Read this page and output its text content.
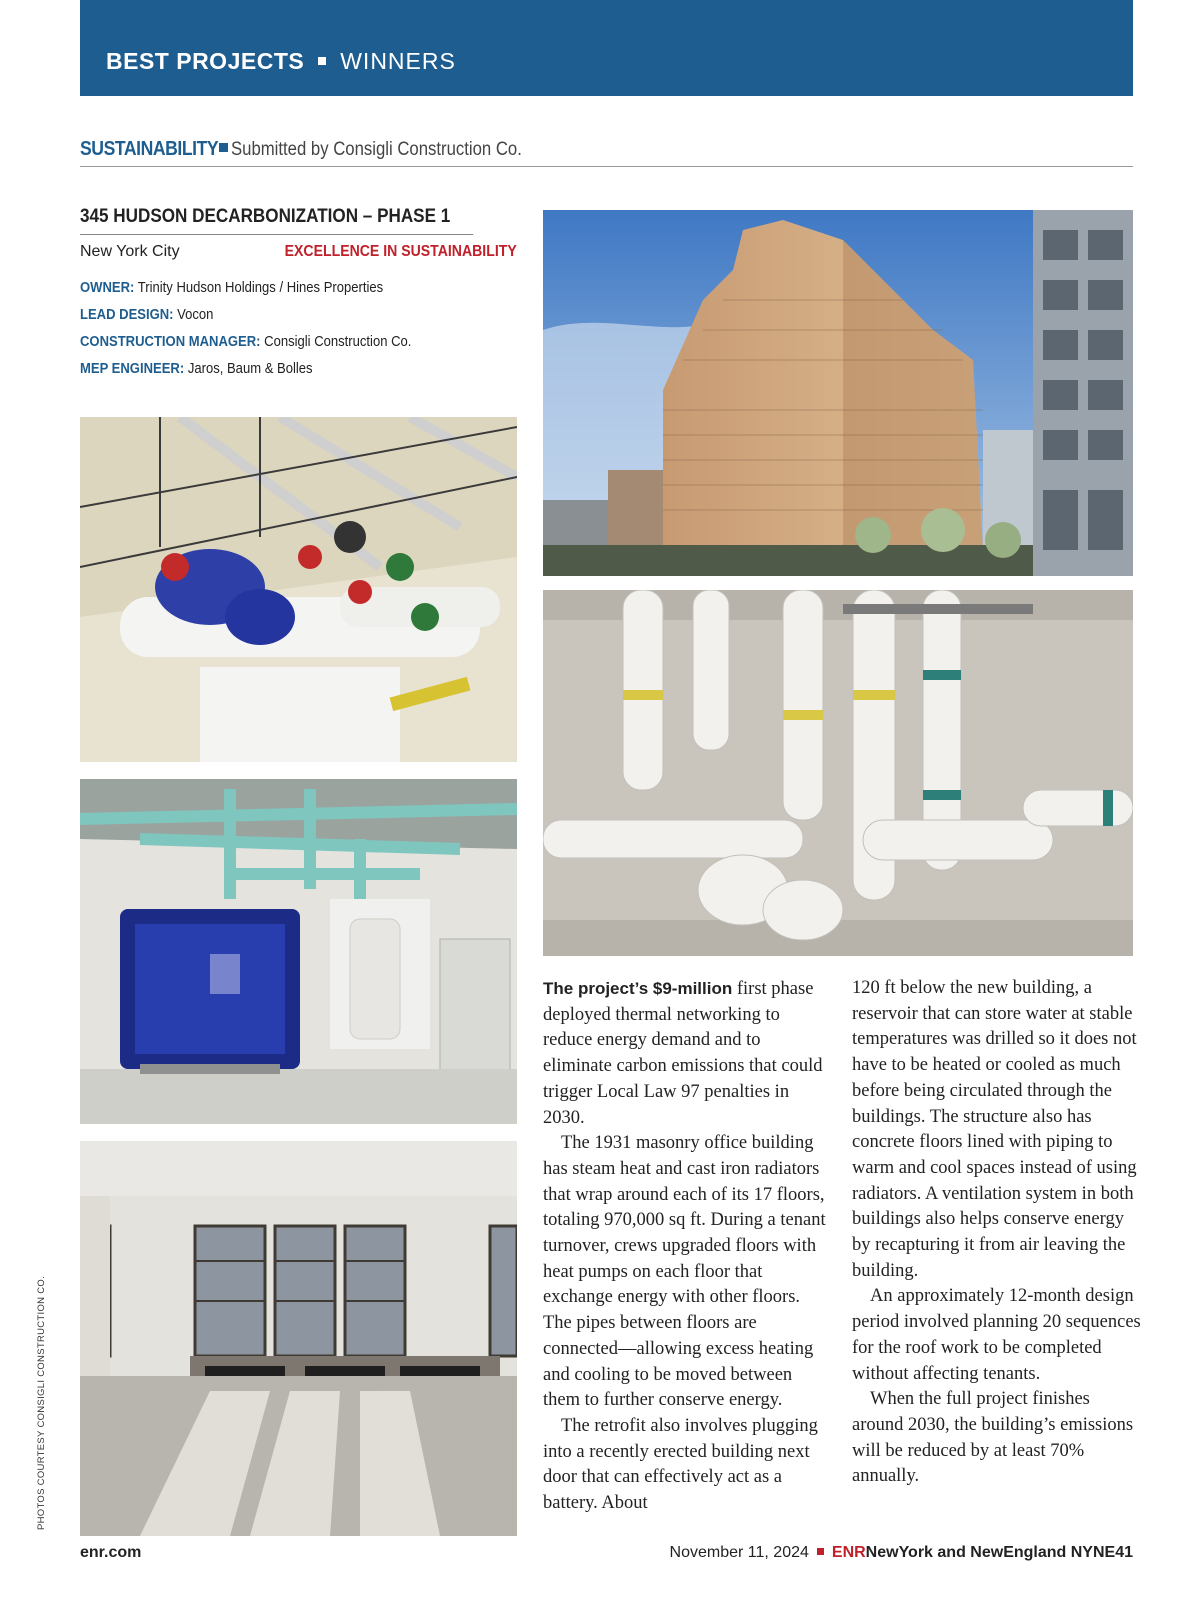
BEST PROJECTS WINNERS
SUSTAINABILITY Submitted by Consigli Construction Co.
345 HUDSON DECARBONIZATION – PHASE 1
New York City	EXCELLENCE IN SUSTAINABILITY
OWNER: Trinity Hudson Holdings / Hines Properties
LEAD DESIGN: Vocon
CONSTRUCTION MANAGER: Consigli Construction Co.
MEP ENGINEER: Jaros, Baum & Bolles

The project’s $9-million first phase deployed thermal networking to reduce energy demand and to eliminate carbon emissions that could trigger Local Law 97 penalties in 2030.

The 1931 masonry office building has steam heat and cast iron radiators that wrap around each of its 17 floors, totaling 970,000 sq ft. During a tenant turnover, crews upgraded floors with heat pumps on each floor that exchange energy with other floors. The pipes between floors are connected—allowing excess heating and cooling to be moved between them to further conserve energy.

The retrofit also involves plugging into a recently erected building next door that can effectively act as a battery. About

120 ft below the new building, a reservoir that can store water at stable temperatures was drilled so it does not have to be heated or cooled as much before being circulated through the buildings. The structure also has concrete floors lined with piping to warm and cool spaces instead of using radiators. A ventilation system in both buildings also helps conserve energy by recapturing it from air leaving the building.

An approximately 12-month design period involved planning 20 sequences for the roof work to be completed without affecting tenants.

When the full project finishes around 2030, the building’s emissions will be reduced by at least 70% annually.

PHOTOS COURTESY CONSIGLI CONSTRUCTION CO.
enr.com	November 11, 2024 ENRNewYork and NewEngland NYNE41
